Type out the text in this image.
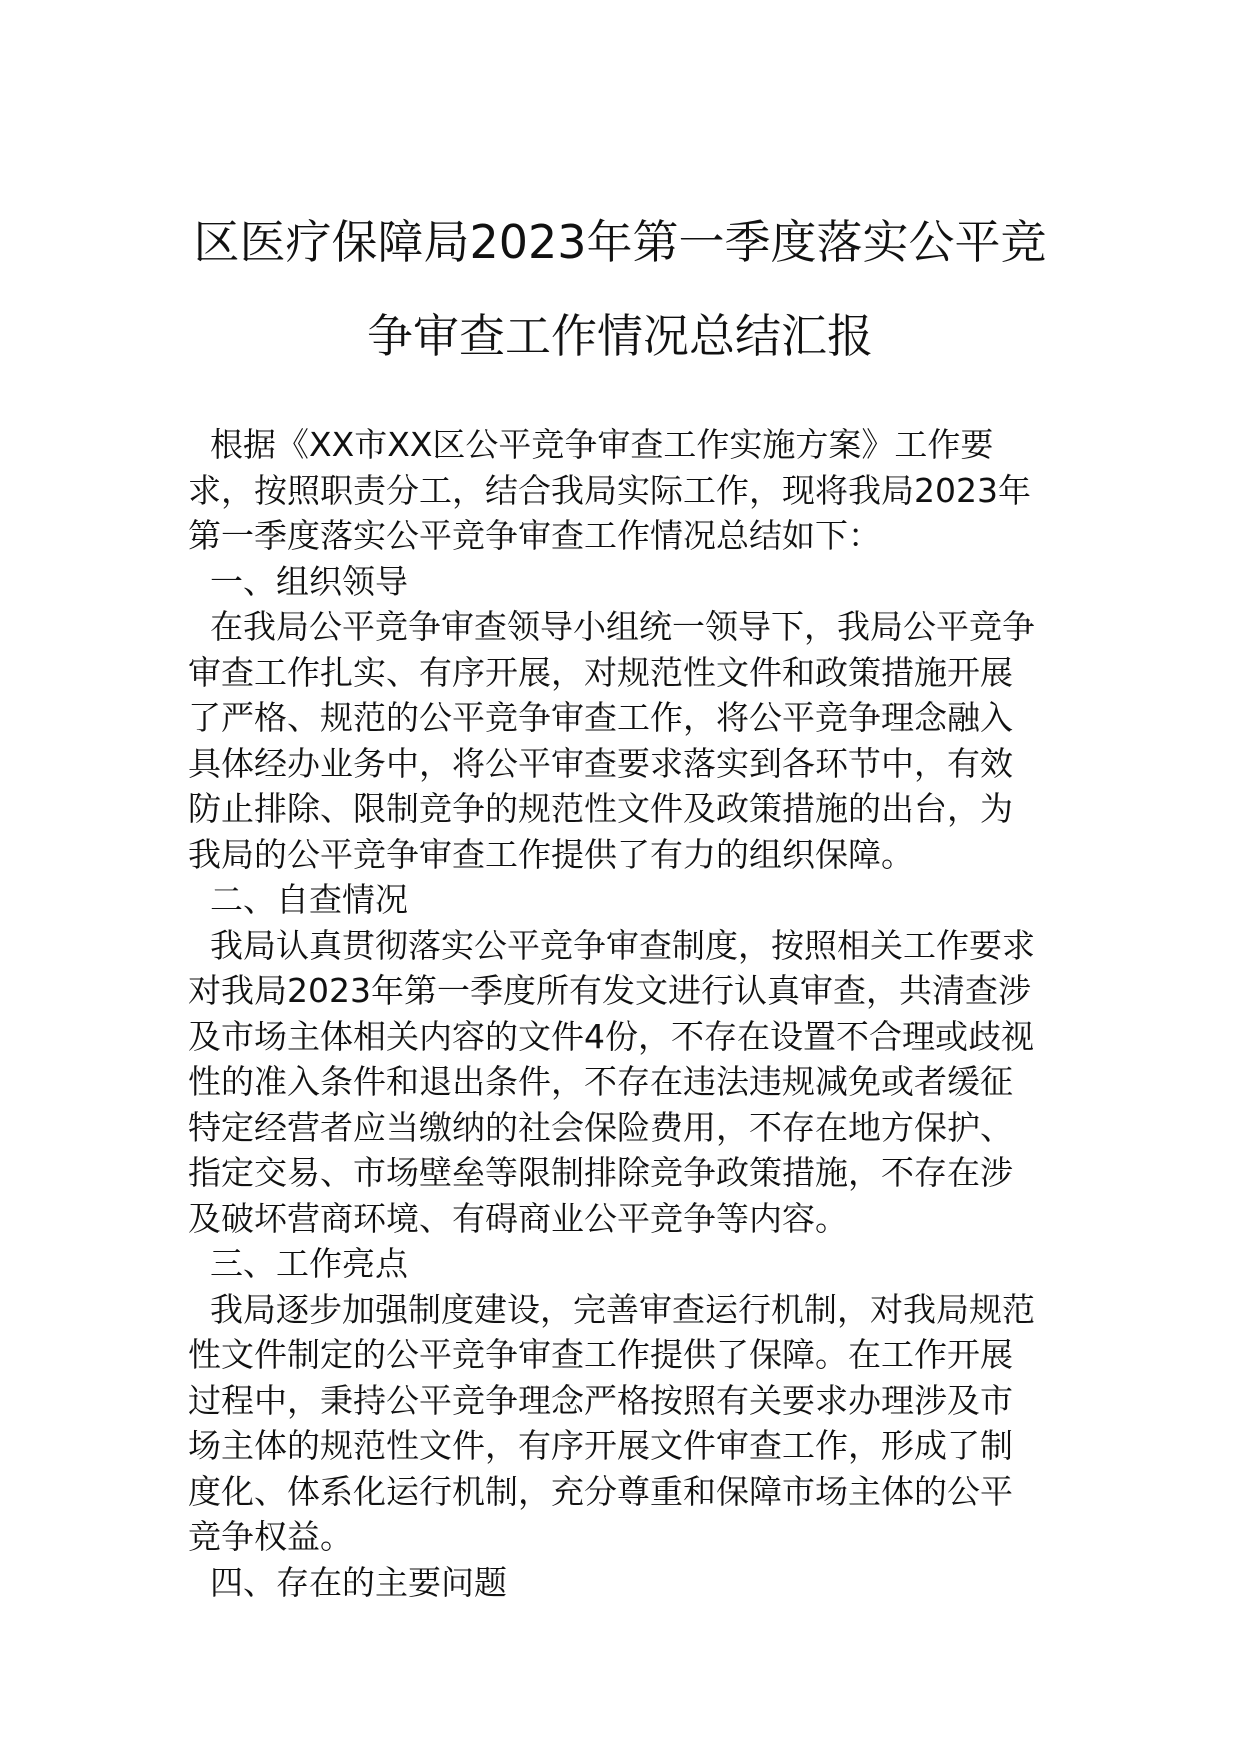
区医疗保障局2023年第一季度落实公平竞
争审查工作情况总结汇报
根据《XX市XX区公平竞争审查工作实施方案》工作要
求，按照职责分工，结合我局实际工作，现将我局2023年
第一季度落实公平竞争审查工作情况总结如下：
一、组织领导
在我局公平竞争审查领导小组统一领导下，我局公平竞争
审查工作扎实、有序开展，对规范性文件和政策措施开展
了严格、规范的公平竞争审查工作，将公平竞争理念融入
具体经办业务中，将公平审查要求落实到各环节中，有效
防止排除、限制竞争的规范性文件及政策措施的出台，为
我局的公平竞争审查工作提供了有力的组织保障。
二、自查情况
我局认真贯彻落实公平竞争审查制度，按照相关工作要求
对我局2023年第一季度所有发文进行认真审查，共清查涉
及市场主体相关内容的文件4份，不存在设置不合理或歧视
性的准入条件和退出条件，不存在违法违规减免或者缓征
特定经营者应当缴纳的社会保险费用，不存在地方保护、
指定交易、市场壁垒等限制排除竞争政策措施，不存在涉
及破坏营商环境、有碍商业公平竞争等内容。
三、工作亮点
我局逐步加强制度建设，完善审查运行机制，对我局规范
性文件制定的公平竞争审查工作提供了保障。在工作开展
过程中，秉持公平竞争理念严格按照有关要求办理涉及市
场主体的规范性文件，有序开展文件审查工作，形成了制
度化、体系化运行机制，充分尊重和保障市场主体的公平
竞争权益。
四、存在的主要问题
